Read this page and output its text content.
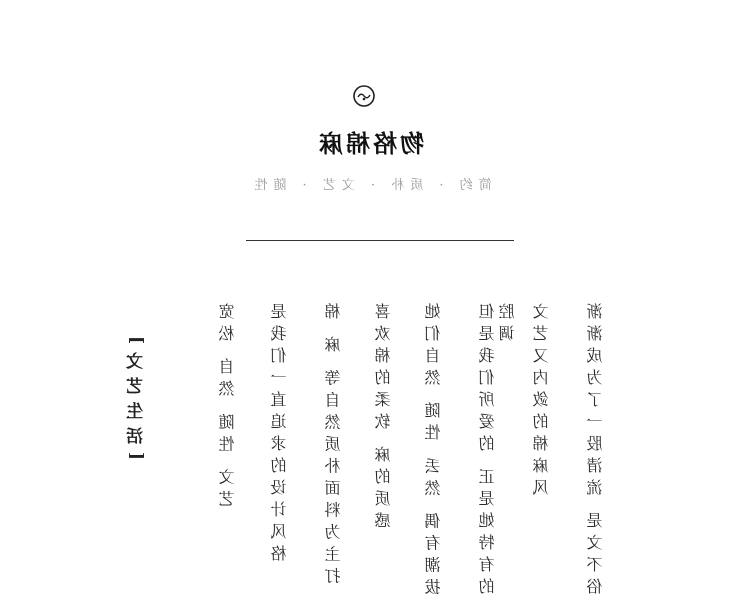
物格棉麻
简约 · 质朴 · 文艺 · 随性
渐渐成为了一股清流 是文不俗
文艺又内敛的棉麻风
但是我们所爱的 正是她特有的腔调
她们自然 随性 丢然 偶有潮拔
喜欢棉的柔软 麻的质感
棉 麻 等自然质朴面料为主打
是我们一直追求的设计风格
宽松 自然 随性 文艺
[文艺生活]
